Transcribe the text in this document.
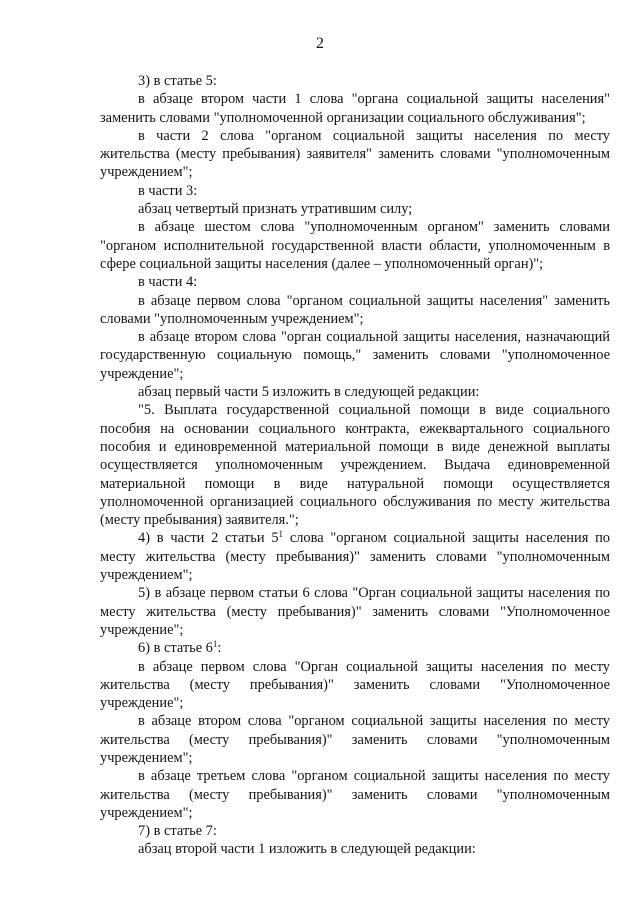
2

3) в статье 5:

в абзаце втором части 1 слова "органа социальной защиты населения" заменить словами "уполномоченной организации социального обслуживания";

в части 2 слова "органом социальной защиты населения по месту жительства (месту пребывания) заявителя" заменить словами "уполномоченным учреждением";

в части 3:

абзац четвертый признать утратившим силу;

в абзаце шестом слова "уполномоченным органом" заменить словами "органом исполнительной государственной власти области, уполномоченным в сфере социальной защиты населения (далее – уполномоченный орган)";

в части 4:

в абзаце первом слова "органом социальной защиты населения" заменить словами "уполномоченным учреждением";

в абзаце втором слова "орган социальной защиты населения, назначающий государственную социальную помощь," заменить словами "уполномоченное учреждение";

абзац первый части 5 изложить в следующей редакции:

"5. Выплата государственной социальной помощи в виде социального пособия на основании социального контракта, ежеквартального социального пособия и единовременной материальной помощи в виде денежной выплаты осуществляется уполномоченным учреждением. Выдача единовременной материальной помощи в виде натуральной помощи осуществляется уполномоченной организацией социального обслуживания по месту жительства (месту пребывания) заявителя.";

4) в части 2 статьи $5^1$ слова "органом социальной защиты населения по месту жительства (месту пребывания)" заменить словами "уполномоченным учреждением";

5) в абзаце первом статьи 6 слова "Орган социальной защиты населения по месту жительства (месту пребывания)" заменить словами "Уполномоченное учреждение";

6) в статье $6^1$:

в абзаце первом слова "Орган социальной защиты населения по месту жительства (месту пребывания)" заменить словами "Уполномоченное учреждение";

в абзаце втором слова "органом социальной защиты населения по месту жительства (месту пребывания)" заменить словами "уполномоченным учреждением";

в абзаце третьем слова "органом социальной защиты населения по месту жительства (месту пребывания)" заменить словами "уполномоченным учреждением";

7) в статье 7:

абзац второй части 1 изложить в следующей редакции:
